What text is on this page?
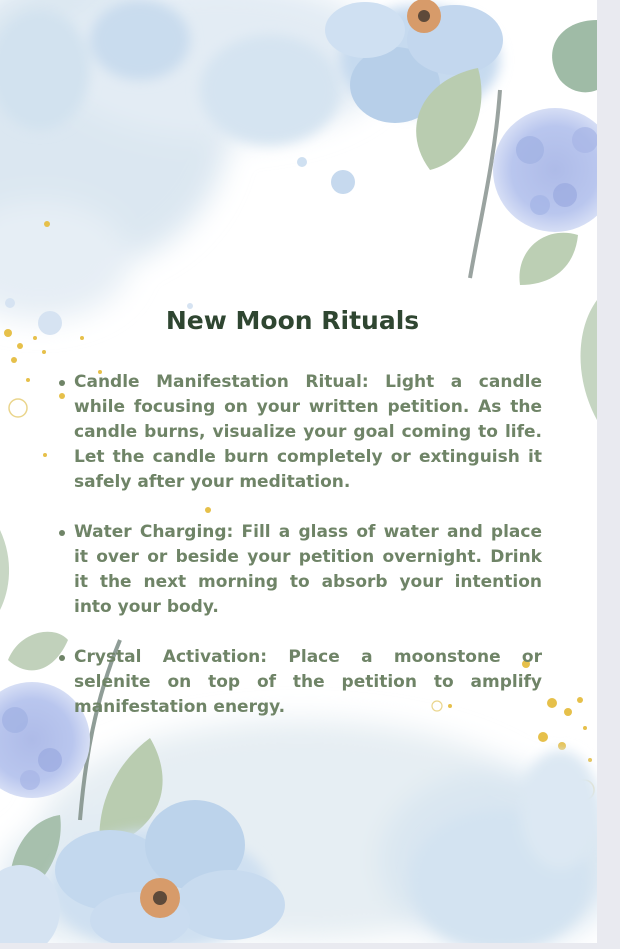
New Moon Rituals
Candle Manifestation Ritual: Light a candle while focusing on your written petition. As the candle burns, visualize your goal coming to life. Let the candle burn completely or extinguish it safely after your meditation.
Water Charging: Fill a glass of water and place it over or beside your petition overnight. Drink it the next morning to absorb your intention into your body.
Crystal Activation: Place a moonstone or selenite on top of the petition to amplify manifestation energy.
